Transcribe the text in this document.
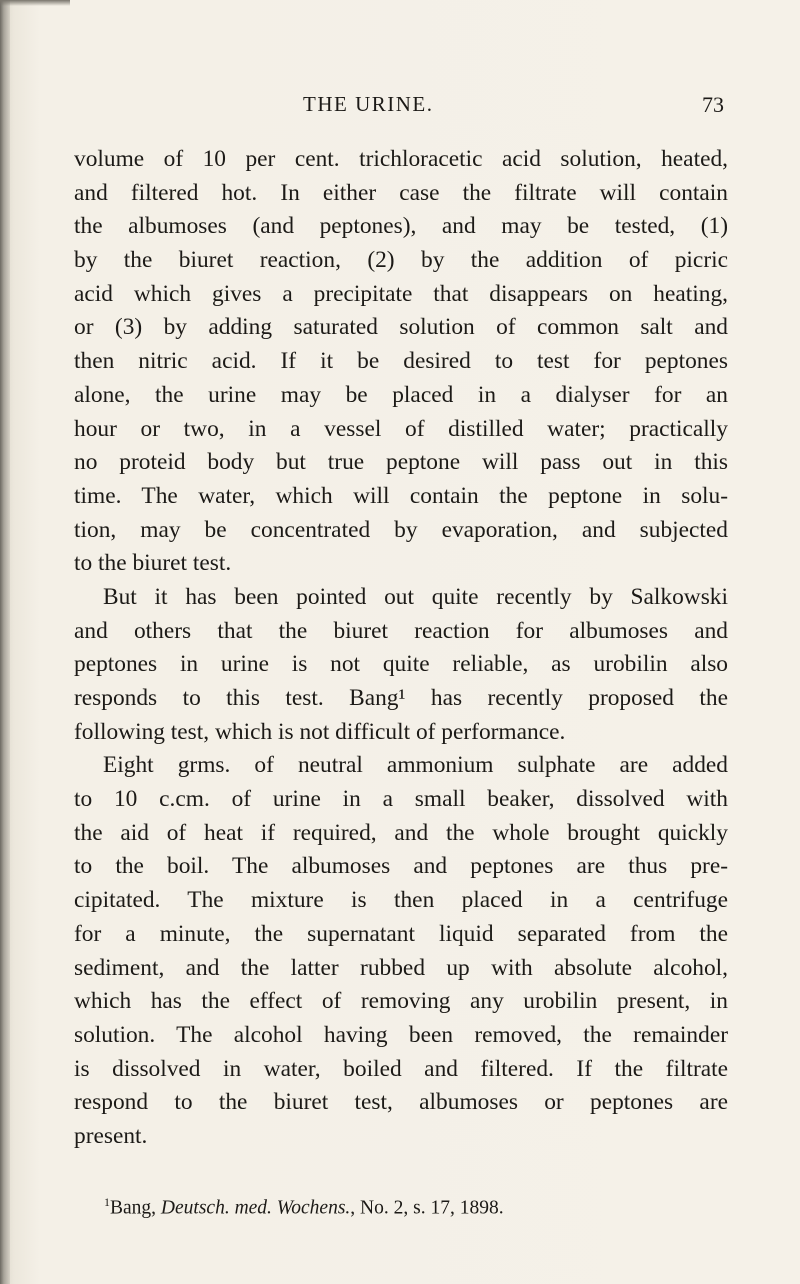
THE URINE.	73
volume of 10 per cent. trichloracetic acid solution, heated,
and filtered hot. In either case the filtrate will contain
the albumoses (and peptones), and may be tested, (1)
by the biuret reaction, (2) by the addition of picric
acid which gives a precipitate that disappears on heating,
or (3) by adding saturated solution of common salt and
then nitric acid. If it be desired to test for peptones
alone, the urine may be placed in a dialyser for an
hour or two, in a vessel of distilled water; practically
no proteid body but true peptone will pass out in this
time. The water, which will contain the peptone in solu-
tion, may be concentrated by evaporation, and subjected
to the biuret test.
But it has been pointed out quite recently by Salkowski
and others that the biuret reaction for albumoses and
peptones in urine is not quite reliable, as urobilin also
responds to this test. Bang¹ has recently proposed the
following test, which is not difficult of performance.
Eight grms. of neutral ammonium sulphate are added
to 10 c.cm. of urine in a small beaker, dissolved with
the aid of heat if required, and the whole brought quickly
to the boil. The albumoses and peptones are thus pre-
cipitated. The mixture is then placed in a centrifuge
for a minute, the supernatant liquid separated from the
sediment, and the latter rubbed up with absolute alcohol,
which has the effect of removing any urobilin present, in
solution. The alcohol having been removed, the remainder
is dissolved in water, boiled and filtered. If the filtrate
respond to the biuret test, albumoses or peptones are
present.
$^1$Bang, Deutsch. med. Wochens., No. 2, s. 17, 1898.
